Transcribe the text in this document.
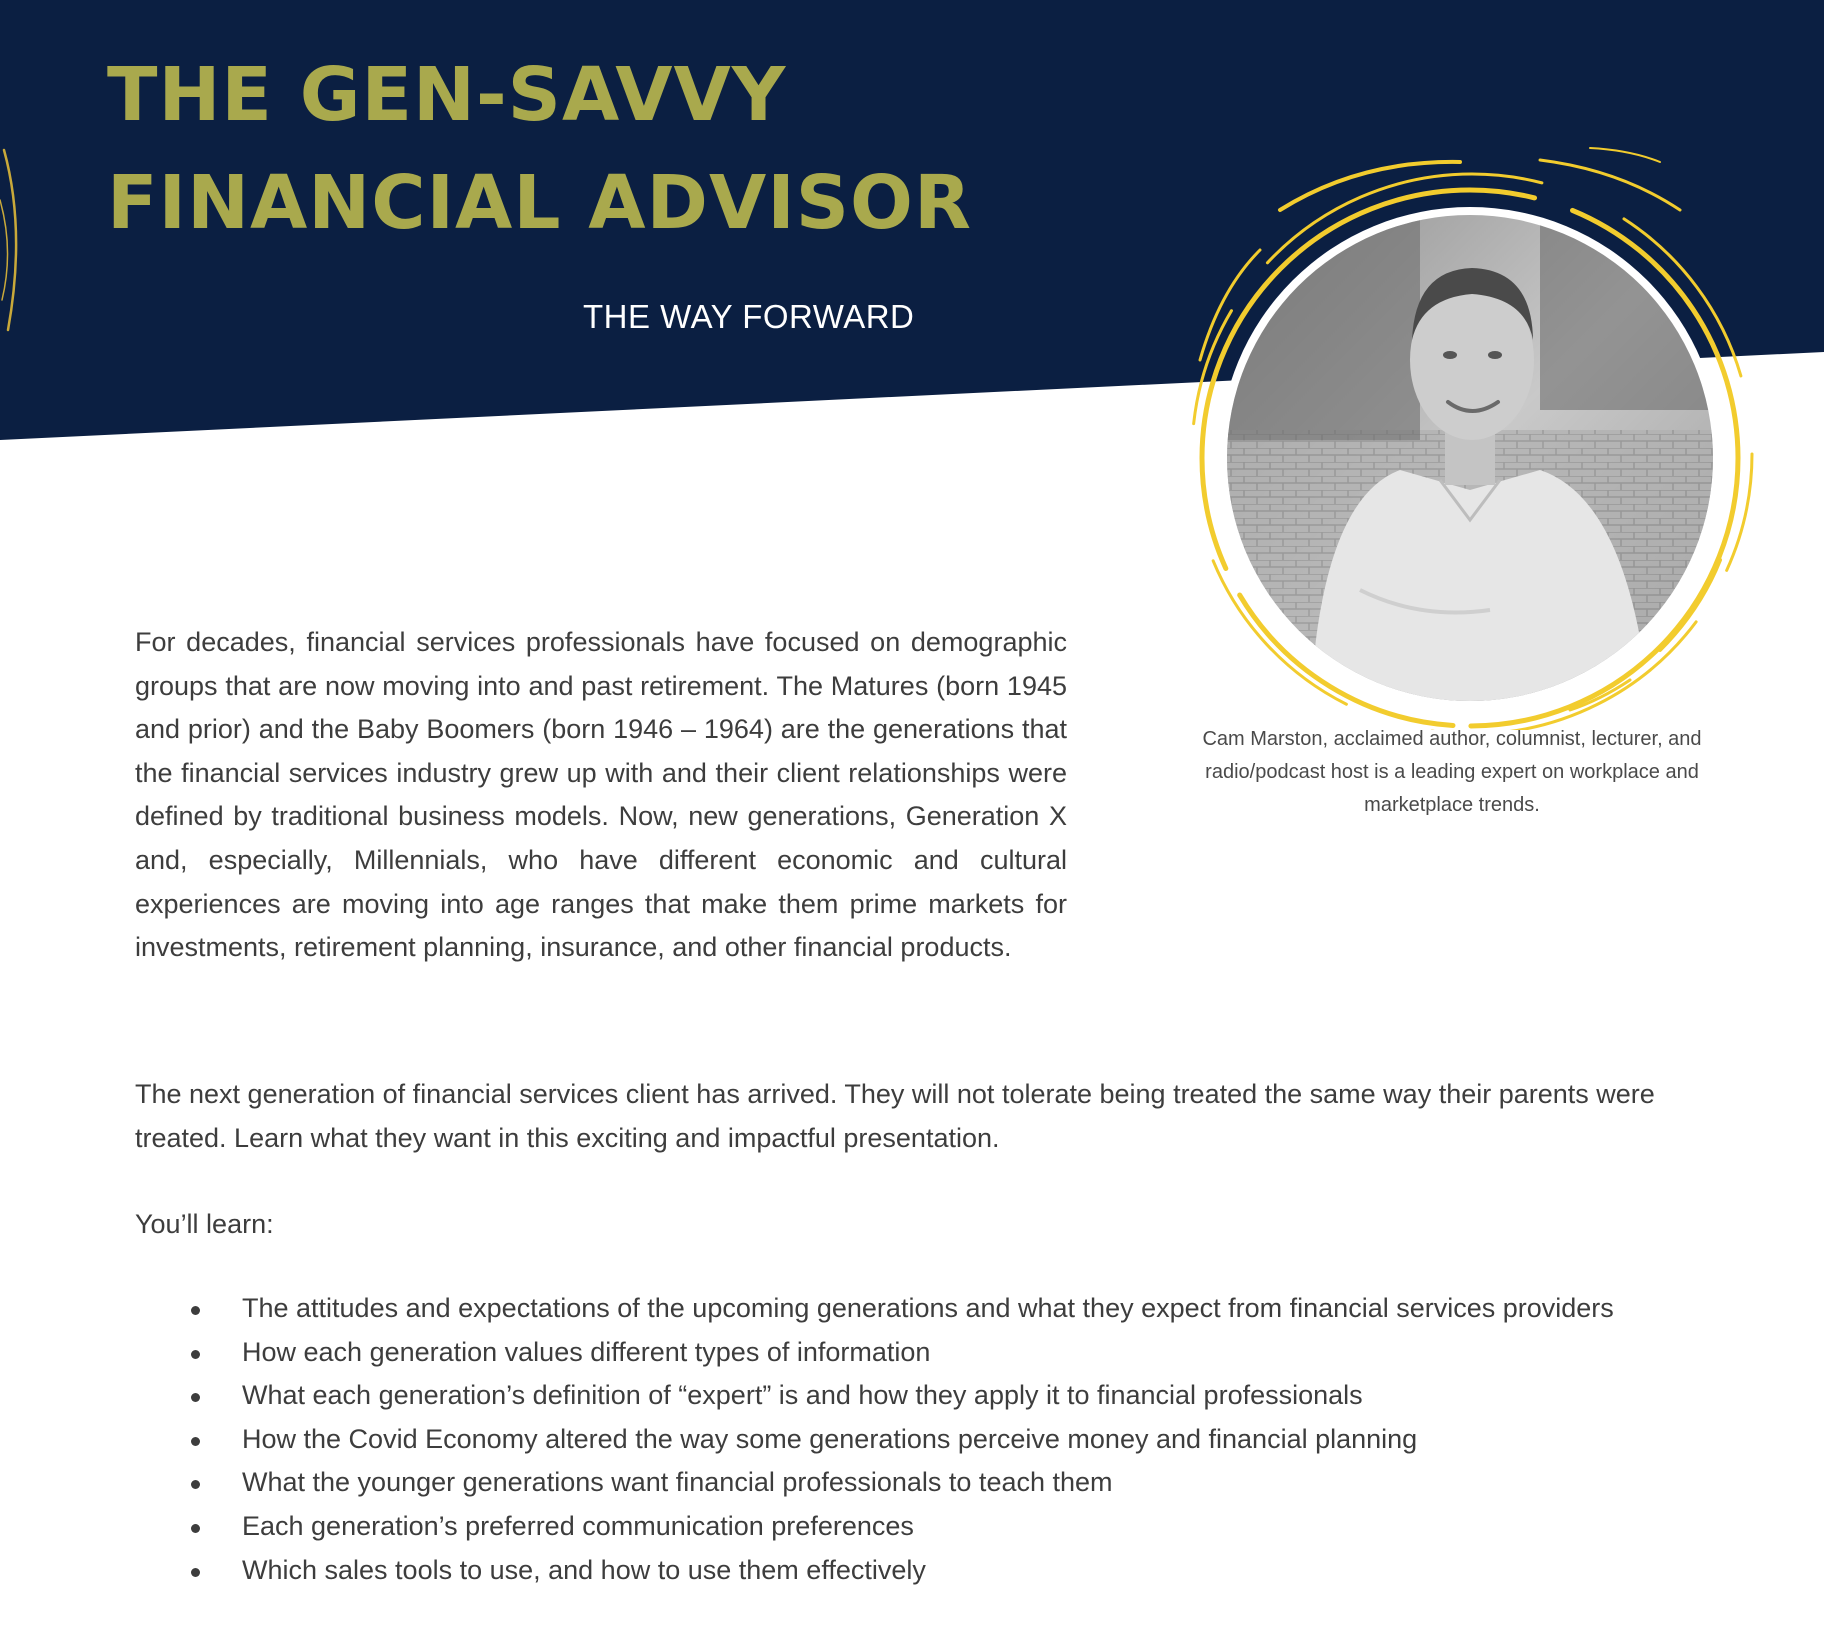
THE GEN-SAVVY
FINANCIAL ADVISOR
THE WAY FORWARD
Cam Marston, acclaimed author, columnist, lecturer, and radio/podcast host is a leading expert on workplace and marketplace trends.

For decades, financial services professionals have focused on demographic groups that are now moving into and past retirement. The Matures (born 1945 and prior) and the Baby Boomers (born 1946 – 1964) are the generations that the financial services industry grew up with and their client relationships were defined by traditional business models. Now, new generations, Generation X and, especially, Millennials, who have different economic and cultural experiences are moving into age ranges that make them prime markets for investments, retirement planning, insurance, and other financial products.

The next generation of financial services client has arrived. They will not tolerate being treated the same way their parents were treated. Learn what they want in this exciting and impactful presentation.

You’ll learn:

The attitudes and expectations of the upcoming generations and what they expect from financial services providers
How each generation values different types of information
What each generation’s definition of “expert” is and how they apply it to financial professionals
How the Covid Economy altered the way some generations perceive money and financial planning
What the younger generations want financial professionals to teach them
Each generation’s preferred communication preferences
Which sales tools to use, and how to use them effectively
